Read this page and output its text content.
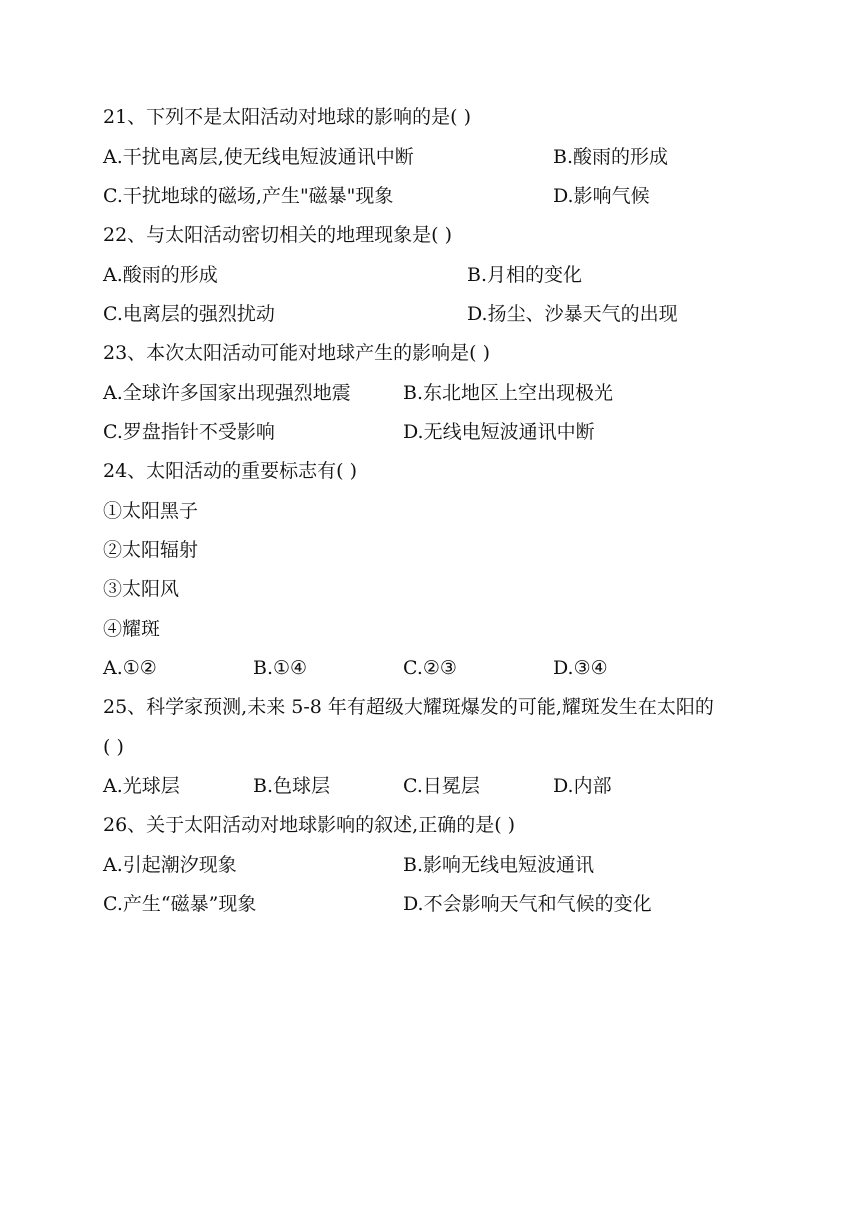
21、下列不是太阳活动对地球的影响的是( )
A.干扰电离层,使无线电短波通讯中断	B.酸雨的形成
C.干扰地球的磁场,产生"磁暴"现象	D.影响气候
22、与太阳活动密切相关的地理现象是( )
A.酸雨的形成	B.月相的变化
C.电离层的强烈扰动	D.扬尘、沙暴天气的出现
23、本次太阳活动可能对地球产生的影响是( )
A.全球许多国家出现强烈地震	B.东北地区上空出现极光
C.罗盘指针不受影响	D.无线电短波通讯中断
24、太阳活动的重要标志有( )
①太阳黑子
②太阳辐射
③太阳风
④耀斑
A.①②	B.①④	C.②③	D.③④
25、科学家预测,未来 5-8 年有超级大耀斑爆发的可能,耀斑发生在太阳的
( )
A.光球层	B.色球层	C.日冕层	D.内部
26、关于太阳活动对地球影响的叙述,正确的是( )
A.引起潮汐现象	B.影响无线电短波通讯
C.产生“磁暴”现象	D.不会影响天气和气候的变化
